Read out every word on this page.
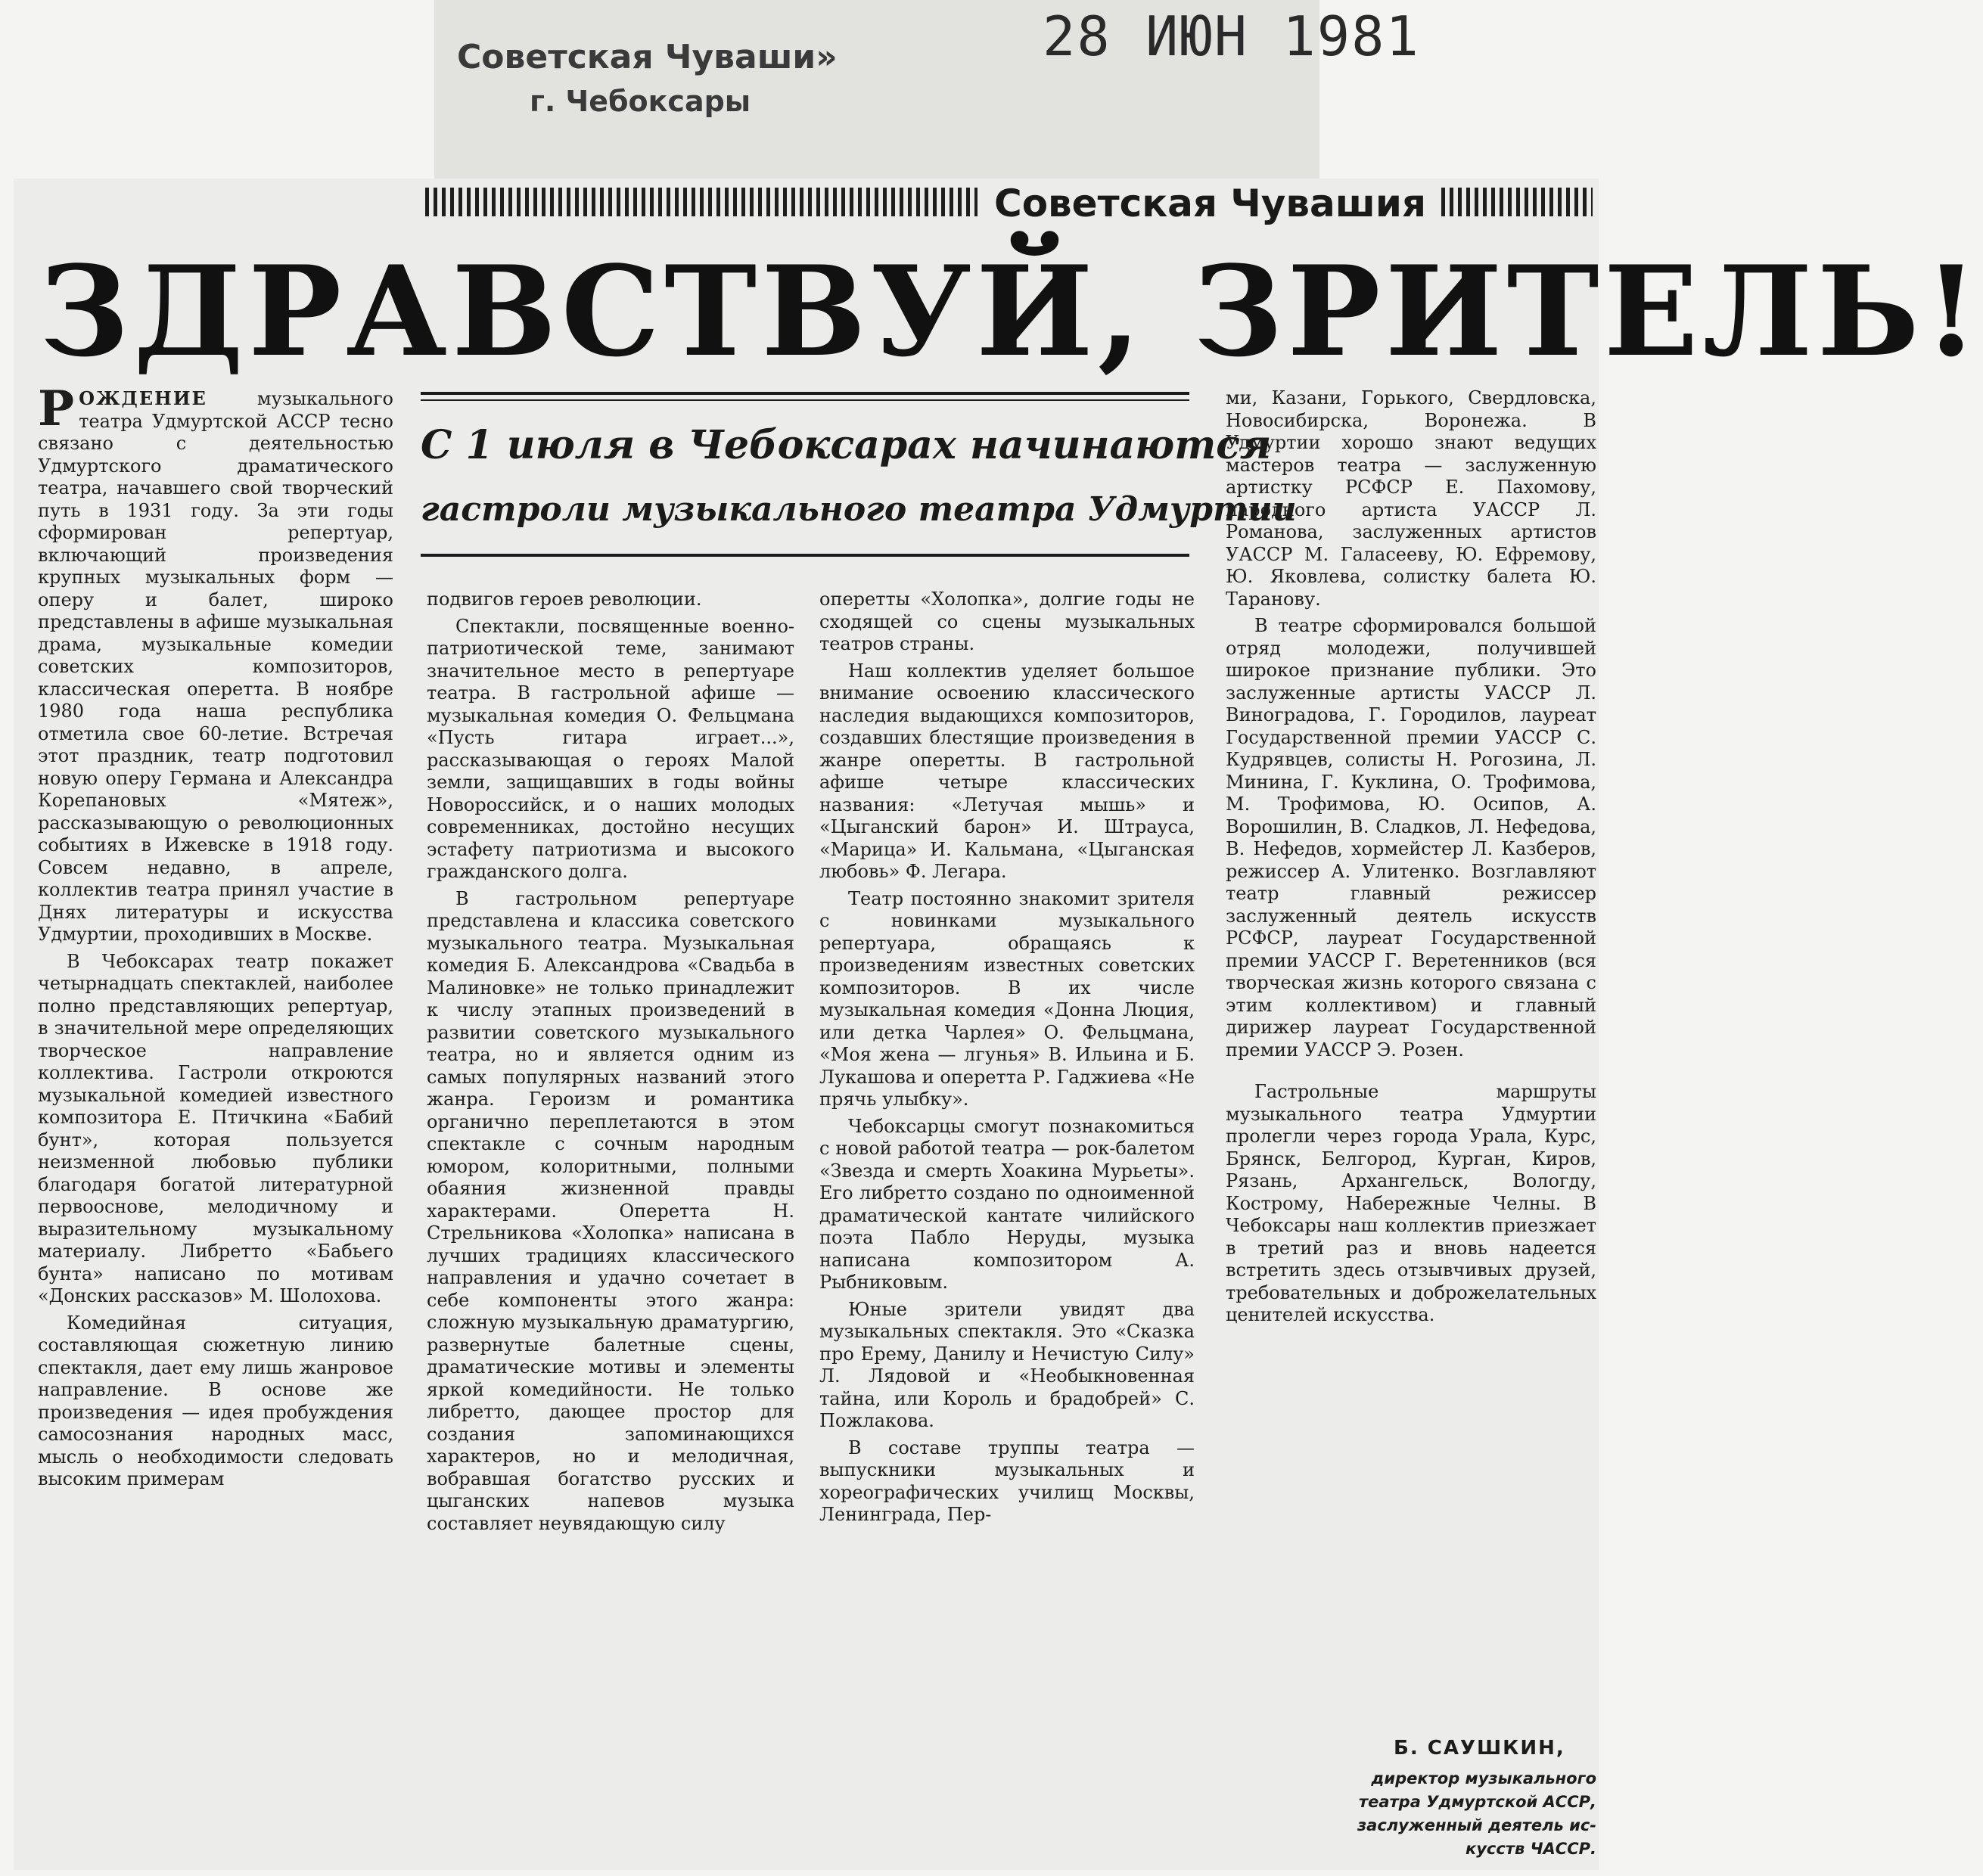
Советская Чуваши»
г. Чебоксары
28 ИЮН 1981
Советская Чувашия
ЗДРАВСТВУЙ, ЗРИТЕЛЬ!
С 1 июля в Чебоксарах начинаются
гастроли музыкального театра Удмуртии

РОЖДЕНИЕ музыкального театра Удмуртской АССР тесно связано с деятельностью Удмуртского драматического театра, начавшего свой творческий путь в 1931 году. За эти годы сформирован репертуар, включающий произведения крупных музыкальных форм — оперу и балет, широко представлены в афише музыкальная драма, музыкальные комедии советских композиторов, классическая оперетта. В ноябре 1980 года наша республика отметила свое 60-летие. Встречая этот праздник, театр подготовил новую оперу Германа и Александра Корепановых «Мятеж», рассказывающую о революционных событиях в Ижевске в 1918 году. Совсем недавно, в апреле, коллектив театра принял участие в Днях литературы и искусства Удмуртии, проходивших в Москве.

В Чебоксарах театр покажет четырнадцать спектаклей, наиболее полно представляющих репертуар, в значительной мере определяющих творческое направление коллектива. Гастроли откроются музыкальной комедией известного композитора Е. Птичкина «Бабий бунт», которая пользуется неизменной любовью публики благодаря богатой литературной первооснове, мелодичному и выразительному музыкальному материалу. Либретто «Бабьего бунта» написано по мотивам «Донских рассказов» М. Шолохова.

Комедийная ситуация, составляющая сюжетную линию спектакля, дает ему лишь жанровое направление. В основе же произведения — идея пробуждения самосознания народных масс, мысль о необходимости следовать высоким примерам

подвигов героев революции.

Спектакли, посвященные военно-патриотической теме, занимают значительное место в репертуаре театра. В гастрольной афише — музыкальная комедия О. Фельцмана «Пусть гитара играет...», рассказывающая о героях Малой земли, защищавших в годы войны Новороссийск, и о наших молодых современниках, достойно несущих эстафету патриотизма и высокого гражданского долга.

В гастрольном репертуаре представлена и классика советского музыкального театра. Музыкальная комедия Б. Александрова «Свадьба в Малиновке» не только принадлежит к числу этапных произведений в развитии советского музыкального театра, но и является одним из самых популярных названий этого жанра. Героизм и романтика органично переплетаются в этом спектакле с сочным народным юмором, колоритными, полными обаяния жизненной правды характерами. Оперетта Н. Стрельникова «Холопка» написана в лучших традициях классического направления и удачно сочетает в себе компоненты этого жанра: сложную музыкальную драматургию, развернутые балетные сцены, драматические мотивы и элементы яркой комедийности. Не только либретто, дающее простор для создания запоминающихся характеров, но и мелодичная, вобравшая богатство русских и цыганских напевов музыка составляет неувядающую силу

оперетты «Холопка», долгие годы не сходящей со сцены музыкальных театров страны.

Наш коллектив уделяет большое внимание освоению классического наследия выдающихся композиторов, создавших блестящие произведения в жанре оперетты. В гастрольной афише четыре классических названия: «Летучая мышь» и «Цыганский барон» И. Штрауса, «Марица» И. Кальмана, «Цыганская любовь» Ф. Легара.

Театр постоянно знакомит зрителя с новинками музыкального репертуара, обращаясь к произведениям известных советских композиторов. В их числе музыкальная комедия «Донна Люция, или детка Чарлея» О. Фельцмана, «Моя жена — лгунья» В. Ильина и Б. Лукашова и оперетта Р. Гаджиева «Не прячь улыбку».

Чебоксарцы смогут познакомиться с новой работой театра — рок-балетом «Звезда и смерть Хоакина Мурьеты». Его либретто создано по одноименной драматической кантате чилийского поэта Пабло Неруды, музыка написана композитором А. Рыбниковым.

Юные зрители увидят два музыкальных спектакля. Это «Сказка про Ерему, Данилу и Нечистую Силу» Л. Лядовой и «Необыкновенная тайна, или Король и брадобрей» С. Пожлакова.

В составе труппы театра — выпускники музыкальных и хореографических училищ Москвы, Ленинграда, Пер-

ми, Казани, Горького, Свердловска, Новосибирска, Воронежа. В Удмуртии хорошо знают ведущих мастеров театра — заслуженную артистку РСФСР Е. Пахомову, народного артиста УАССР Л. Романова, заслуженных артистов УАССР М. Галасееву, Ю. Ефремову, Ю. Яковлева, солистку балета Ю. Таранову.

В театре сформировался большой отряд молодежи, получившей широкое признание публики. Это заслуженные артисты УАССР Л. Виноградова, Г. Городилов, лауреат Государственной премии УАССР С. Кудрявцев, солисты Н. Рогозина, Л. Минина, Г. Куклина, О. Трофимова, М. Трофимова, Ю. Осипов, А. Ворошилин, В. Сладков, Л. Нефедова, В. Нефедов, хормейстер Л. Казберов, режиссер А. Улитенко. Возглавляют театр главный режиссер заслуженный деятель искусств РСФСР, лауреат Государственной премии УАССР Г. Веретенников (вся творческая жизнь которого связана с этим коллективом) и главный дирижер лауреат Государственной премии УАССР Э. Розен.

Гастрольные маршруты музыкального театра Удмуртии пролегли через города Урала, Курс, Брянск, Белгород, Курган, Киров, Рязань, Архангельск, Вологду, Кострому, Набережные Челны. В Чебоксары наш коллектив приезжает в третий раз и вновь надеется встретить здесь отзывчивых друзей, требовательных и доброжелательных ценителей искусства.

Б. САУШКИН,
директор музыкального
театра Удмуртской АССР,
заслуженный деятель ис-
кусств ЧАССР.
